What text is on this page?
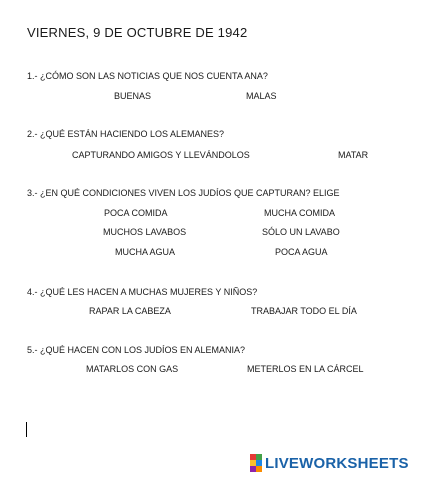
VIERNES, 9 DE OCTUBRE DE 1942
1.- ¿CÓMO SON LAS NOTICIAS QUE NOS CUENTA ANA?
BUENAS	MALAS
2.- ¿QUÉ ESTÁN HACIENDO LOS ALEMANES?
CAPTURANDO AMIGOS Y LLEVÁNDOLOS	MATAR
3.- ¿EN QUÉ CONDICIONES VIVEN LOS JUDÍOS QUE CAPTURAN? ELIGE
POCA COMIDA	MUCHA COMIDA
MUCHOS LAVABOS	SÓLO UN LAVABO
MUCHA AGUA	POCA AGUA
4.- ¿QUÉ LES HACEN A MUCHAS MUJERES Y NIÑOS?
RAPAR LA CABEZA	TRABAJAR TODO EL DÍA
5.- ¿QUÉ HACEN CON LOS JUDÍOS EN ALEMANIA?
MATARLOS CON GAS	METERLOS EN LA CÁRCEL
LIVEWORKSHEETS
